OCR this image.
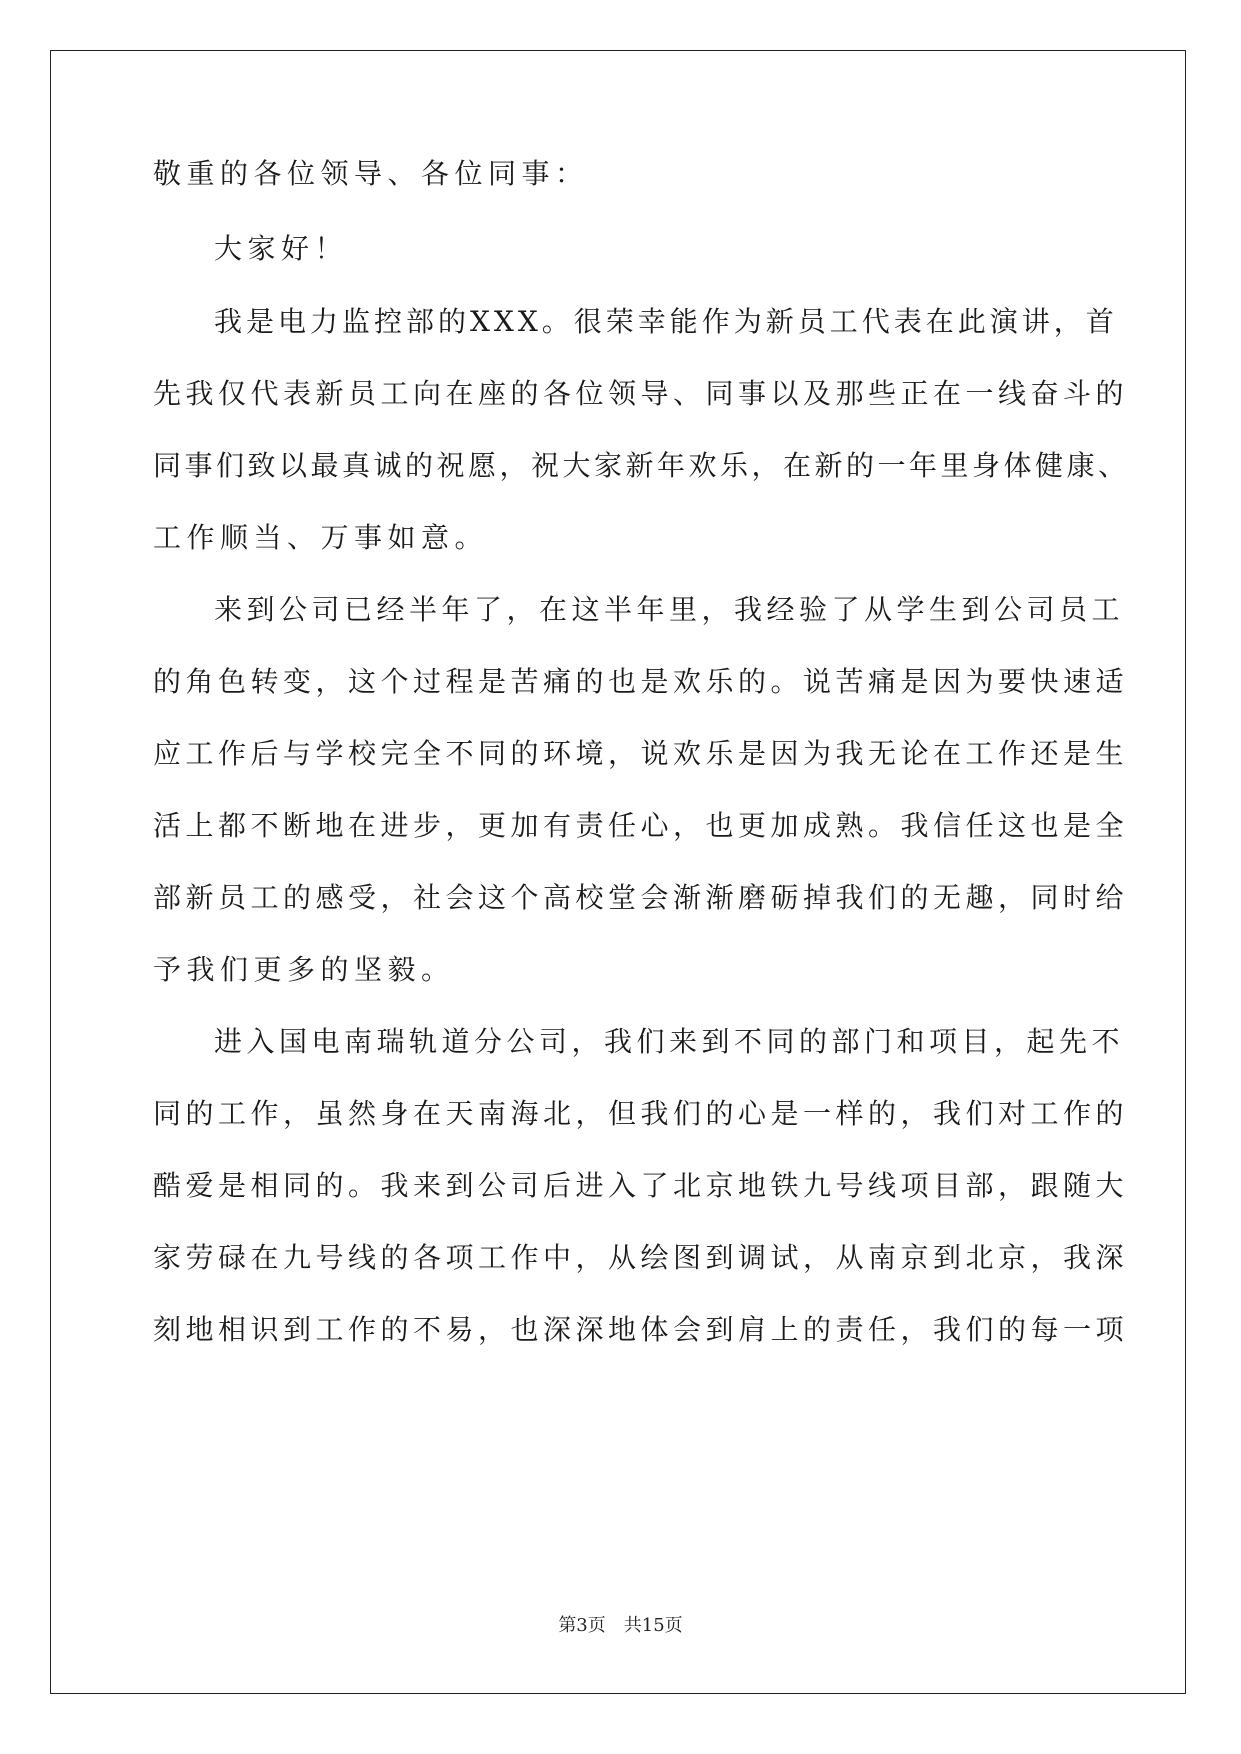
敬重的各位领导、各位同事：
大家好！
我是电力监控部的XXX。很荣幸能作为新员工代表在此演讲，首
先我仅代表新员工向在座的各位领导、同事以及那些正在一线奋斗的
同事们致以最真诚的祝愿，祝大家新年欢乐，在新的一年里身体健康、
工作顺当、万事如意。
来到公司已经半年了，在这半年里，我经验了从学生到公司员工
的角色转变，这个过程是苦痛的也是欢乐的。说苦痛是因为要快速适
应工作后与学校完全不同的环境，说欢乐是因为我无论在工作还是生
活上都不断地在进步，更加有责任心，也更加成熟。我信任这也是全
部新员工的感受，社会这个高校堂会渐渐磨砺掉我们的无趣，同时给
予我们更多的坚毅。
进入国电南瑞轨道分公司，我们来到不同的部门和项目，起先不
同的工作，虽然身在天南海北，但我们的心是一样的，我们对工作的
酷爱是相同的。我来到公司后进入了北京地铁九号线项目部，跟随大
家劳碌在九号线的各项工作中，从绘图到调试，从南京到北京，我深
刻地相识到工作的不易，也深深地体会到肩上的责任，我们的每一项
第3页 共15页
